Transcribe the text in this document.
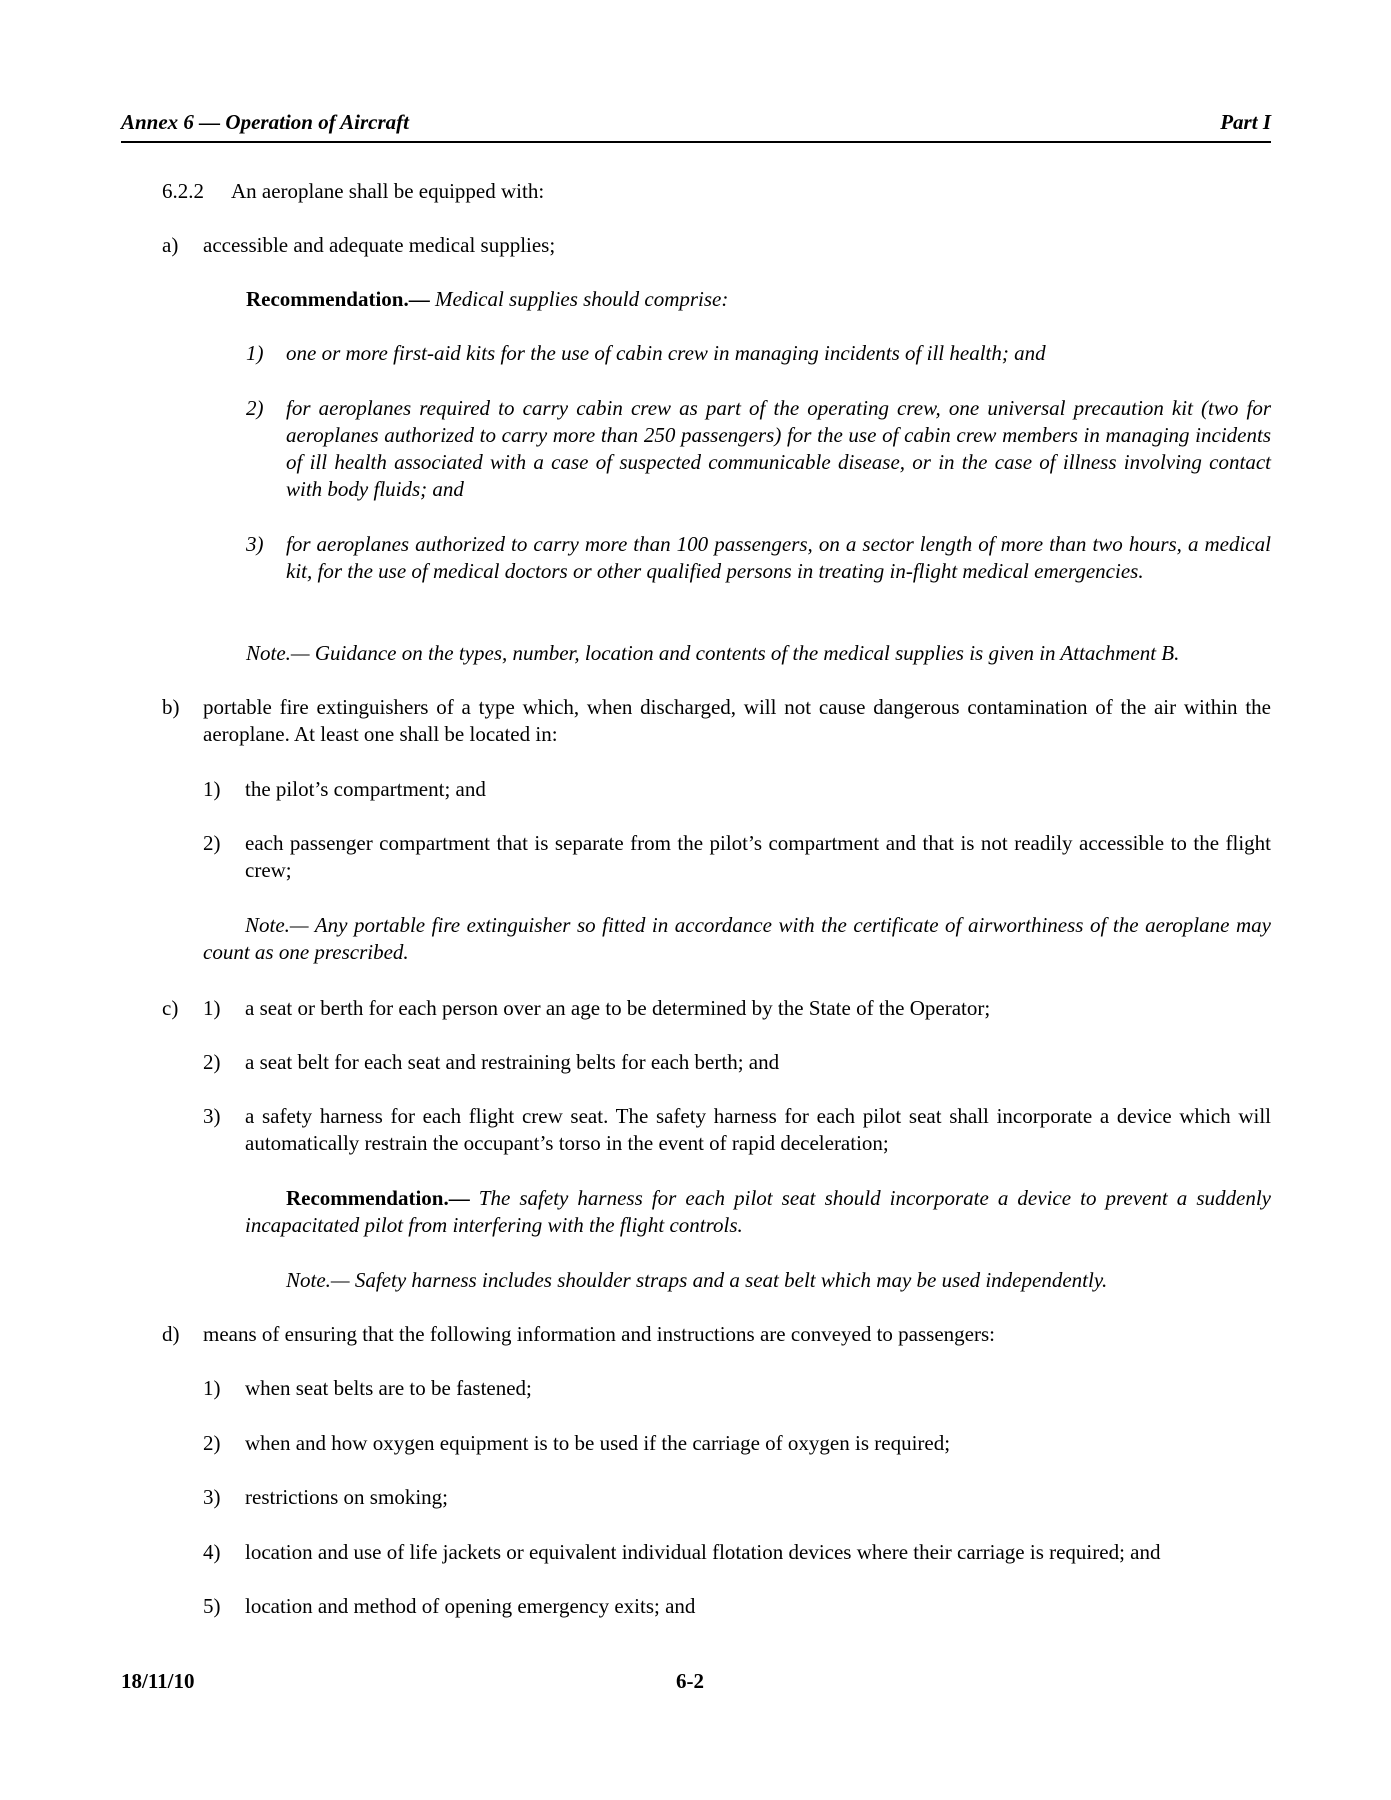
Annex 6 — Operation of Aircraft	Part I
6.2.2 An aeroplane shall be equipped with:
a) accessible and adequate medical supplies;
Recommendation.— Medical supplies should comprise:
1) one or more first-aid kits for the use of cabin crew in managing incidents of ill health; and
2) for aeroplanes required to carry cabin crew as part of the operating crew, one universal precaution kit (two for aeroplanes authorized to carry more than 250 passengers) for the use of cabin crew members in managing incidents of ill health associated with a case of suspected communicable disease, or in the case of illness involving contact with body fluids; and
3) for aeroplanes authorized to carry more than 100 passengers, on a sector length of more than two hours, a medical kit, for the use of medical doctors or other qualified persons in treating in-flight medical emergencies.
Note.— Guidance on the types, number, location and contents of the medical supplies is given in Attachment B.
b) portable fire extinguishers of a type which, when discharged, will not cause dangerous contamination of the air within the aeroplane. At least one shall be located in:
1) the pilot’s compartment; and
2) each passenger compartment that is separate from the pilot’s compartment and that is not readily accessible to the flight crew;
Note.— Any portable fire extinguisher so fitted in accordance with the certificate of airworthiness of the aeroplane may count as one prescribed.
c) 1) a seat or berth for each person over an age to be determined by the State of the Operator;
2) a seat belt for each seat and restraining belts for each berth; and
3) a safety harness for each flight crew seat. The safety harness for each pilot seat shall incorporate a device which will automatically restrain the occupant’s torso in the event of rapid deceleration;
Recommendation.— The safety harness for each pilot seat should incorporate a device to prevent a suddenly incapacitated pilot from interfering with the flight controls.
Note.— Safety harness includes shoulder straps and a seat belt which may be used independently.
d) means of ensuring that the following information and instructions are conveyed to passengers:
1) when seat belts are to be fastened;
2) when and how oxygen equipment is to be used if the carriage of oxygen is required;
3) restrictions on smoking;
4) location and use of life jackets or equivalent individual flotation devices where their carriage is required; and
5) location and method of opening emergency exits; and
18/11/10	6-2
